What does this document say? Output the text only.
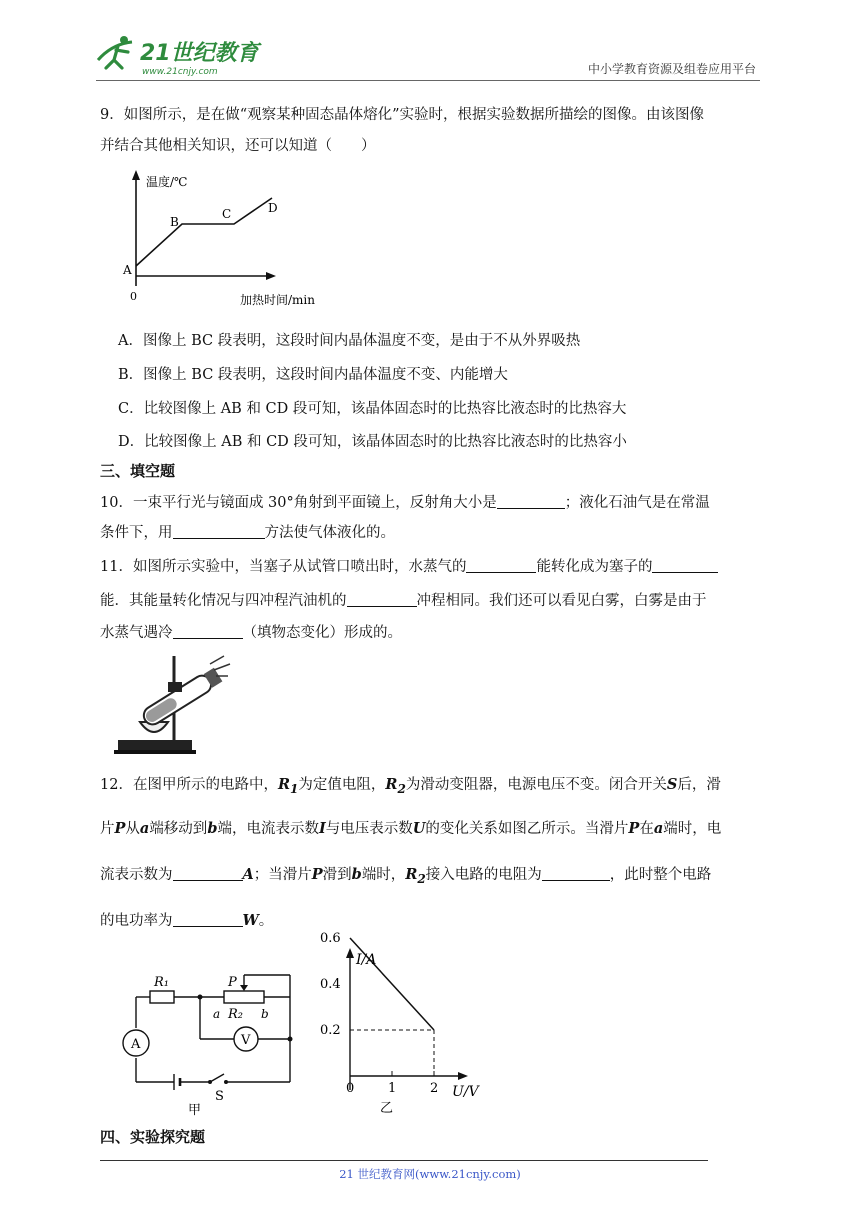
21世纪教育
www.21cnjy.com	中小学教育资源及组卷应用平台
9．如图所示，是在做“观察某种固态晶体熔化”实验时，根据实验数据所描绘的图像。由该图像
并结合其他相关知识，还可以知道（　　）
温度/℃
加热时间/min
0
A
B
C	D
A．图像上 BC 段表明，这段时间内晶体温度不变，是由于不从外界吸热
B．图像上 BC 段表明，这段时间内晶体温度不变、内能增大
C．比较图像上 AB 和 CD 段可知，该晶体固态时的比热容比液态时的比热容大
D．比较图像上 AB 和 CD 段可知，该晶体固态时的比热容比液态时的比热容小
三、填空题
10．一束平行光与镜面成 30°角射到平面镜上，反射角大小是	；液化石油气是在常温
条件下，用	方法使气体液化的。
11．如图所示实验中，当塞子从试管口喷出时，水蒸气的	能转化成为塞子的
能．其能量转化情况与四冲程汽油机的	冲程相同。我们还可以看见白雾，白雾是由于
水蒸气遇冷	（填物态变化）形成的。
12．在图甲所示的电路中，$R_1$为定值电阻，$R_2$为滑动变阻器，电源电压不变。闭合开关S后，滑
片P从a端移动到b端，电流表示数I与电压表示数U的变化关系如图乙所示。当滑片P在a端时，电
流表示数为	A；当滑片P滑到b端时，$R_2$接入电路的电阻为	，此时整个电路
的电功率为	W。
R₁
R₂
P
a	b
A	V
S
甲
0	1	2
0.2
0.4
0.6
I/A
U/V
乙
四、实验探究题
21 世纪教育网(www.21cnjy.com)
